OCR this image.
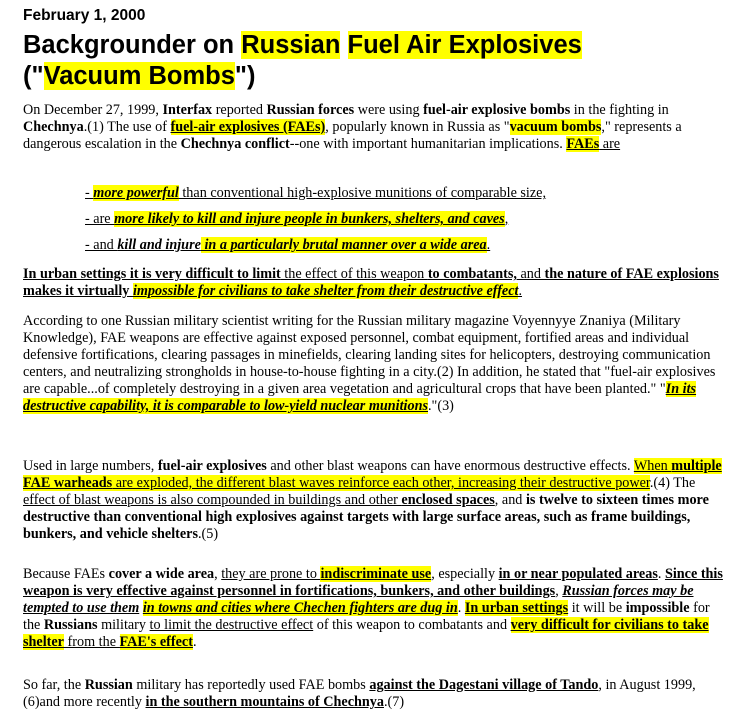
February 1, 2000
Backgrounder on Russian Fuel Air Explosives
("Vacuum Bombs")

On December 27, 1999, Interfax reported Russian forces were using fuel-air explosive bombs in the fighting in Chechnya.(1) The use of fuel-air explosives (FAEs), popularly known in Russia as "vacuum bombs," represents a dangerous escalation in the Chechnya conflict--one with important humanitarian implications. FAEs are

- more powerful than conventional high-explosive munitions of comparable size,
- are more likely to kill and injure people in bunkers, shelters, and caves,
- and kill and injure in a particularly brutal manner over a wide area.

In urban settings it is very difficult to limit the effect of this weapon to combatants, and the nature of FAE explosions makes it virtually impossible for civilians to take shelter from their destructive effect.

According to one Russian military scientist writing for the Russian military magazine Voyennyye Znaniya (Military Knowledge), FAE weapons are effective against exposed personnel, combat equipment, fortified areas and individual defensive fortifications, clearing passages in minefields, clearing landing sites for helicopters, destroying communication centers, and neutralizing strongholds in house-to-house fighting in a city.(2) In addition, he stated that "fuel-air explosives are capable...of completely destroying in a given area vegetation and agricultural crops that have been planted." "In its destructive capability, it is comparable to low-yield nuclear munitions."(3)

Used in large numbers, fuel-air explosives and other blast weapons can have enormous destructive effects. When multiple FAE warheads are exploded, the different blast waves reinforce each other, increasing their destructive power.(4) The effect of blast weapons is also compounded in buildings and other enclosed spaces, and is twelve to sixteen times more destructive than conventional high explosives against targets with large surface areas, such as frame buildings, bunkers, and vehicle shelters.(5)

Because FAEs cover a wide area, they are prone to indiscriminate use, especially in or near populated areas. Since this weapon is very effective against personnel in fortifications, bunkers, and other buildings, Russian forces may be tempted to use them in towns and cities where Chechen fighters are dug in. In urban settings it will be impossible for the Russians military to limit the destructive effect of this weapon to combatants and very difficult for civilians to take shelter from the FAE's effect.

So far, the Russian military has reportedly used FAE bombs against the Dagestani village of Tando, in August 1999,(6)and more recently in the southern mountains of Chechnya.(7)
